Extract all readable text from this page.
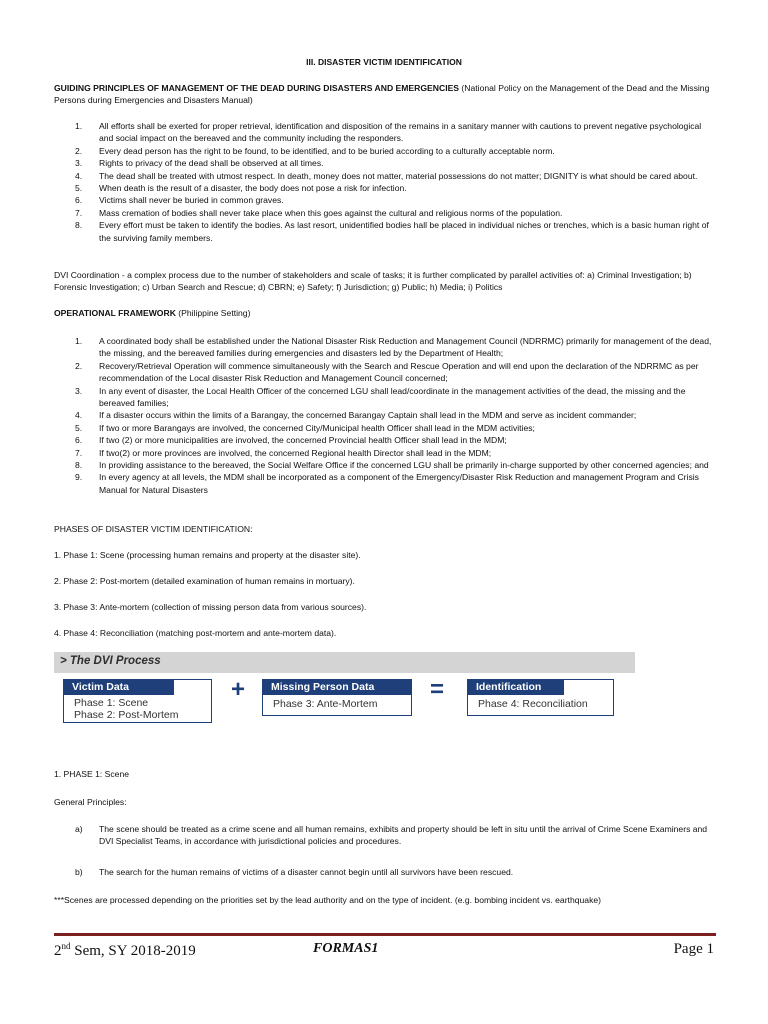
III. DISASTER VICTIM IDENTIFICATION
GUIDING PRINCIPLES OF MANAGEMENT OF THE DEAD DURING DISASTERS AND EMERGENCIES (National Policy on the Management of the Dead and the Missing Persons during Emergencies and Disasters Manual)
1. All efforts shall be exerted for proper retrieval, identification and disposition of the remains in a sanitary manner with cautions to prevent negative psychological and social impact on the bereaved and the community including the responders.
2. Every dead person has the right to be found, to be identified, and to be buried according to a culturally acceptable norm.
3. Rights to privacy of the dead shall be observed at all times.
4. The dead shall be treated with utmost respect. In death, money does not matter, material possessions do not matter; DIGNITY is what should be cared about.
5. When death is the result of a disaster, the body does not pose a risk for infection.
6. Victims shall never be buried in common graves.
7. Mass cremation of bodies shall never take place when this goes against the cultural and religious norms of the population.
8. Every effort must be taken to identify the bodies. As last resort, unidentified bodies hall be placed in individual niches or trenches, which is a basic human right of the surviving family members.
DVI Coordination - a complex process due to the number of stakeholders and scale of tasks; it is further complicated by parallel activities of: a) Criminal Investigation; b) Forensic Investigation; c) Urban Search and Rescue; d) CBRN; e) Safety; f) Jurisdiction; g) Public; h) Media; i) Politics
OPERATIONAL FRAMEWORK (Philippine Setting)
1. A coordinated body shall be established under the National Disaster Risk Reduction and Management Council (NDRRMC) primarily for management of the dead, the missing, and the bereaved families during emergencies and disasters led by the Department of Health;
2. Recovery/Retrieval Operation will commence simultaneously with the Search and Rescue Operation and will end upon the declaration of the NDRRMC as per recommendation of the Local disaster Risk Reduction and Management Council concerned;
3. In any event of disaster, the Local Health Officer of the concerned LGU shall lead/coordinate in the management activities of the dead, the missing and the bereaved families;
4. If a disaster occurs within the limits of a Barangay, the concerned Barangay Captain shall lead in the MDM and serve as incident commander;
5. If two or more Barangays are involved, the concerned City/Municipal health Officer shall lead in the MDM activities;
6. If two (2) or more municipalities are involved, the concerned Provincial health Officer shall lead in the MDM;
7. If two(2) or more provinces are involved, the concerned Regional health Director shall lead in the MDM;
8. In providing assistance to the bereaved, the Social Welfare Office if the concerned LGU shall be primarily in-charge supported by other concerned agencies; and
9. In every agency at all levels, the MDM shall be incorporated as a component of the Emergency/Disaster Risk Reduction and management Program and Crisis Manual for Natural Disasters
PHASES OF DISASTER VICTIM IDENTIFICATION:
1. Phase 1: Scene (processing human remains and property at the disaster site).
2. Phase 2: Post-mortem (detailed examination of human remains in mortuary).
3. Phase 3: Ante-mortem (collection of missing person data from various sources).
4. Phase 4: Reconciliation (matching post-mortem and ante-mortem data).
> The DVI Process
Victim Data
Phase 1: Scene
Phase 2: Post-Mortem
+	Missing Person Data
Phase 3: Ante-Mortem
=	Identification
Phase 4: Reconciliation
1. PHASE 1: Scene
General Principles:
a) The scene should be treated as a crime scene and all human remains, exhibits and property should be left in situ until the arrival of Crime Scene Examiners and DVI Specialist Teams, in accordance with jurisdictional policies and procedures.
b) The search for the human remains of victims of a disaster cannot begin until all survivors have been rescued.
***Scenes are processed depending on the priorities set by the lead authority and on the type of incident. (e.g. bombing incident vs. earthquake)
2nd Sem, SY 2018-2019	FORMAS1	Page 1
